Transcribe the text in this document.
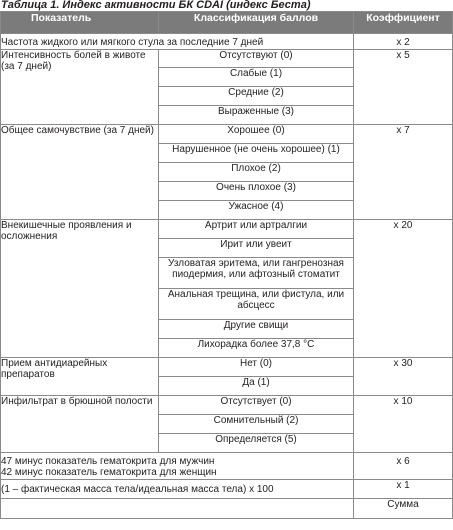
Таблица 1. Индекс активности БК CDAI (индекс Беста)
Показатель	Классификация баллов	Коэффициент
Частота жидкого или мягкого стула за последние 7 дней		x 2
Интенсивность болей в животе (за 7 дней)	Отсутствуют (0)	x 5
	Слабые (1)	
	Средние (2)	
	Выраженные (3)	
Общее самочувствие (за 7 дней)	Хорошее (0)	x 7
	Нарушенное (не очень хорошее) (1)	
	Плохое (2)	
	Очень плохое (3)	
	Ужасное (4)	
Внекишечные проявления и осложнения	Артрит или артралгии	x 20
	Ирит или увеит	
	Узловатая эритема, или гангренозная пиодермия, или афтозный стоматит	
	Анальная трещина, или фистула, или абсцесс	
	Другие свищи	
	Лихорадка более 37,8 °C	
Прием антидиарейных препаратов	Нет (0)	x 30
	Да (1)	
Инфильтрат в брюшной полости	Отсутствует (0)	x 10
	Сомнительный (2)	
	Определяется (5)	

47 минус показатель гематокрита для мужчин
42 минус показатель гематокрита для женщин		x 6
(1 – фактическая масса тела/идеальная масса тела) x 100		x 1
		Сумма
